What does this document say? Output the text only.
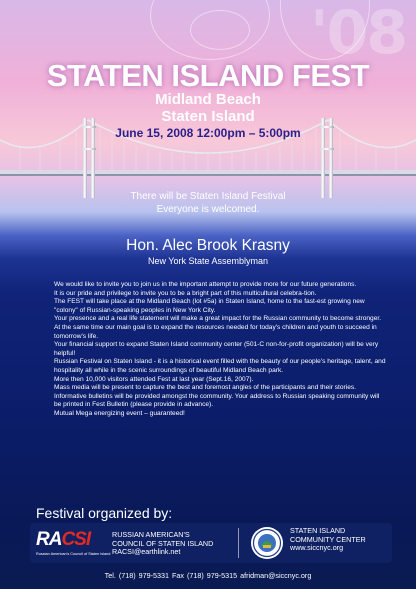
'08
STATEN ISLAND FEST
Midland Beach
Staten Island
June 15, 2008 12:00pm – 5:00pm
There will be Staten Island Festival
Everyone is welcomed.
Hon. Alec Brook Krasny
New York State Assemblyman

We would like to invite you to join us in the important attempt to provide more for our future generations.

It is our pride and privilege to invite you to be a bright part of this multicultural celebra-tion.

The FEST will take place at the Midland Beach (lot #5a) in Staten Island, home to the fast-est growing new "colony" of Russian-speaking peoples in New York City.

Your presence and a real life statement will make a great impact for the Russian community to become stronger.

At the same time our main goal is to expand the resources needed for today's children and youth to succeed in tomorrow's life.

Your financial support to expand Staten Island community center (501-C non-for-profit organization) will be very helpful!

Russian Festival on Staten Island - it is a historical event filled with the beauty of our people's heritage, talent, and hospitality all while in the scenic surroundings of beautiful Midland Beach park.

More then 10,000 visitors attended Fest at last year (Sept.16, 2007).

Mass media will be present to capture the best and foremost angles of the participants and their stories.

Informative bulletins will be provided amongst the community. Your address to Russian speaking community will be printed in Fest Bulletin (please provide in advance).

Mutual Mega energizing event – guaranteed!

Festival organized by:
RACSI
Russian American's Council of Staten Island
RUSSIAN AMERICAN'S
COUNCIL OF STATEN ISLAND
RACSI@earthlink.net
STATEN ISLAND
COMMUNITY CENTER
www.siccnyc.org
Tel. (718) 979-5331 Fax (718) 979-5315 afridman@siccnyc.org
